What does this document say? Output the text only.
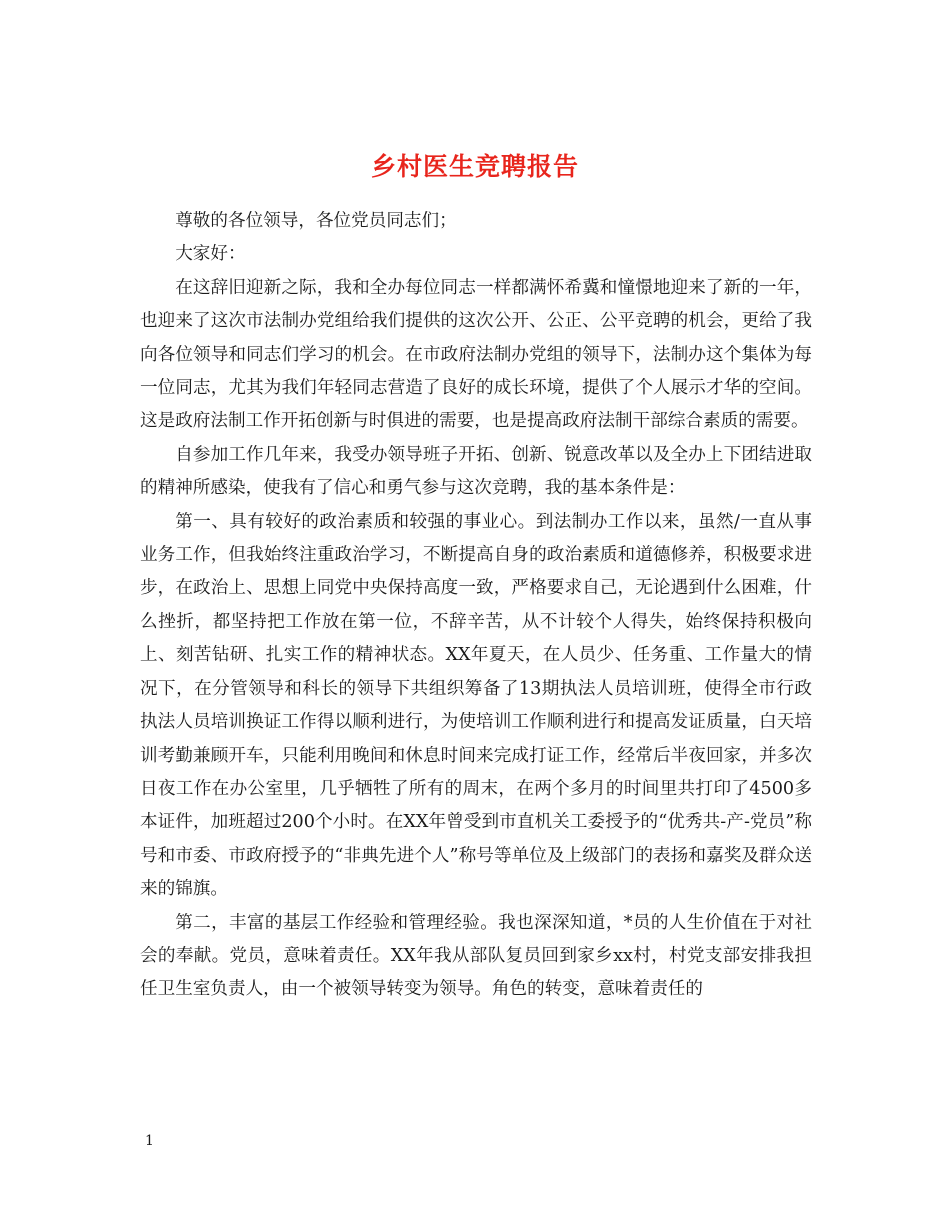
乡村医生竞聘报告

尊敬的各位领导，各位党员同志们；

大家好：

在这辞旧迎新之际，我和全办每位同志一样都满怀希冀和憧憬地迎来了新的一年，也迎来了这次市法制办党组给我们提供的这次公开、公正、公平竞聘的机会，更给了我向各位领导和同志们学习的机会。在市政府法制办党组的领导下，法制办这个集体为每一位同志，尤其为我们年轻同志营造了良好的成长环境，提供了个人展示才华的空间。这是政府法制工作开拓创新与时俱进的需要，也是提高政府法制干部综合素质的需要。

自参加工作几年来，我受办领导班子开拓、创新、锐意改革以及全办上下团结进取的精神所感染，使我有了信心和勇气参与这次竞聘，我的基本条件是：

第一、具有较好的政治素质和较强的事业心。到法制办工作以来，虽然/一直从事业务工作，但我始终注重政治学习，不断提高自身的政治素质和道德修养，积极要求进步，在政治上、思想上同党中央保持高度一致，严格要求自己，无论遇到什么困难，什么挫折，都坚持把工作放在第一位，不辞辛苦，从不计较个人得失，始终保持积极向上、刻苦钻研、扎实工作的精神状态。XX年夏天，在人员少、任务重、工作量大的情况下，在分管领导和科长的领导下共组织筹备了13期执法人员培训班，使得全市行政执法人员培训换证工作得以顺利进行，为使培训工作顺利进行和提高发证质量，白天培训考勤兼顾开车，只能利用晚间和休息时间来完成打证工作，经常后半夜回家，并多次日夜工作在办公室里，几乎牺牲了所有的周末，在两个多月的时间里共打印了4500多本证件，加班超过200个小时。在XX年曾受到市直机关工委授予的“优秀共-产-党员”称号和市委、市政府授予的“非典先进个人”称号等单位及上级部门的表扬和嘉奖及群众送来的锦旗。

第二，丰富的基层工作经验和管理经验。我也深深知道，*员的人生价值在于对社会的奉献。党员，意味着责任。XX年我从部队复员回到家乡xx村，村党支部安排我担任卫生室负责人，由一个被领导转变为领导。角色的转变，意味着责任的

1
